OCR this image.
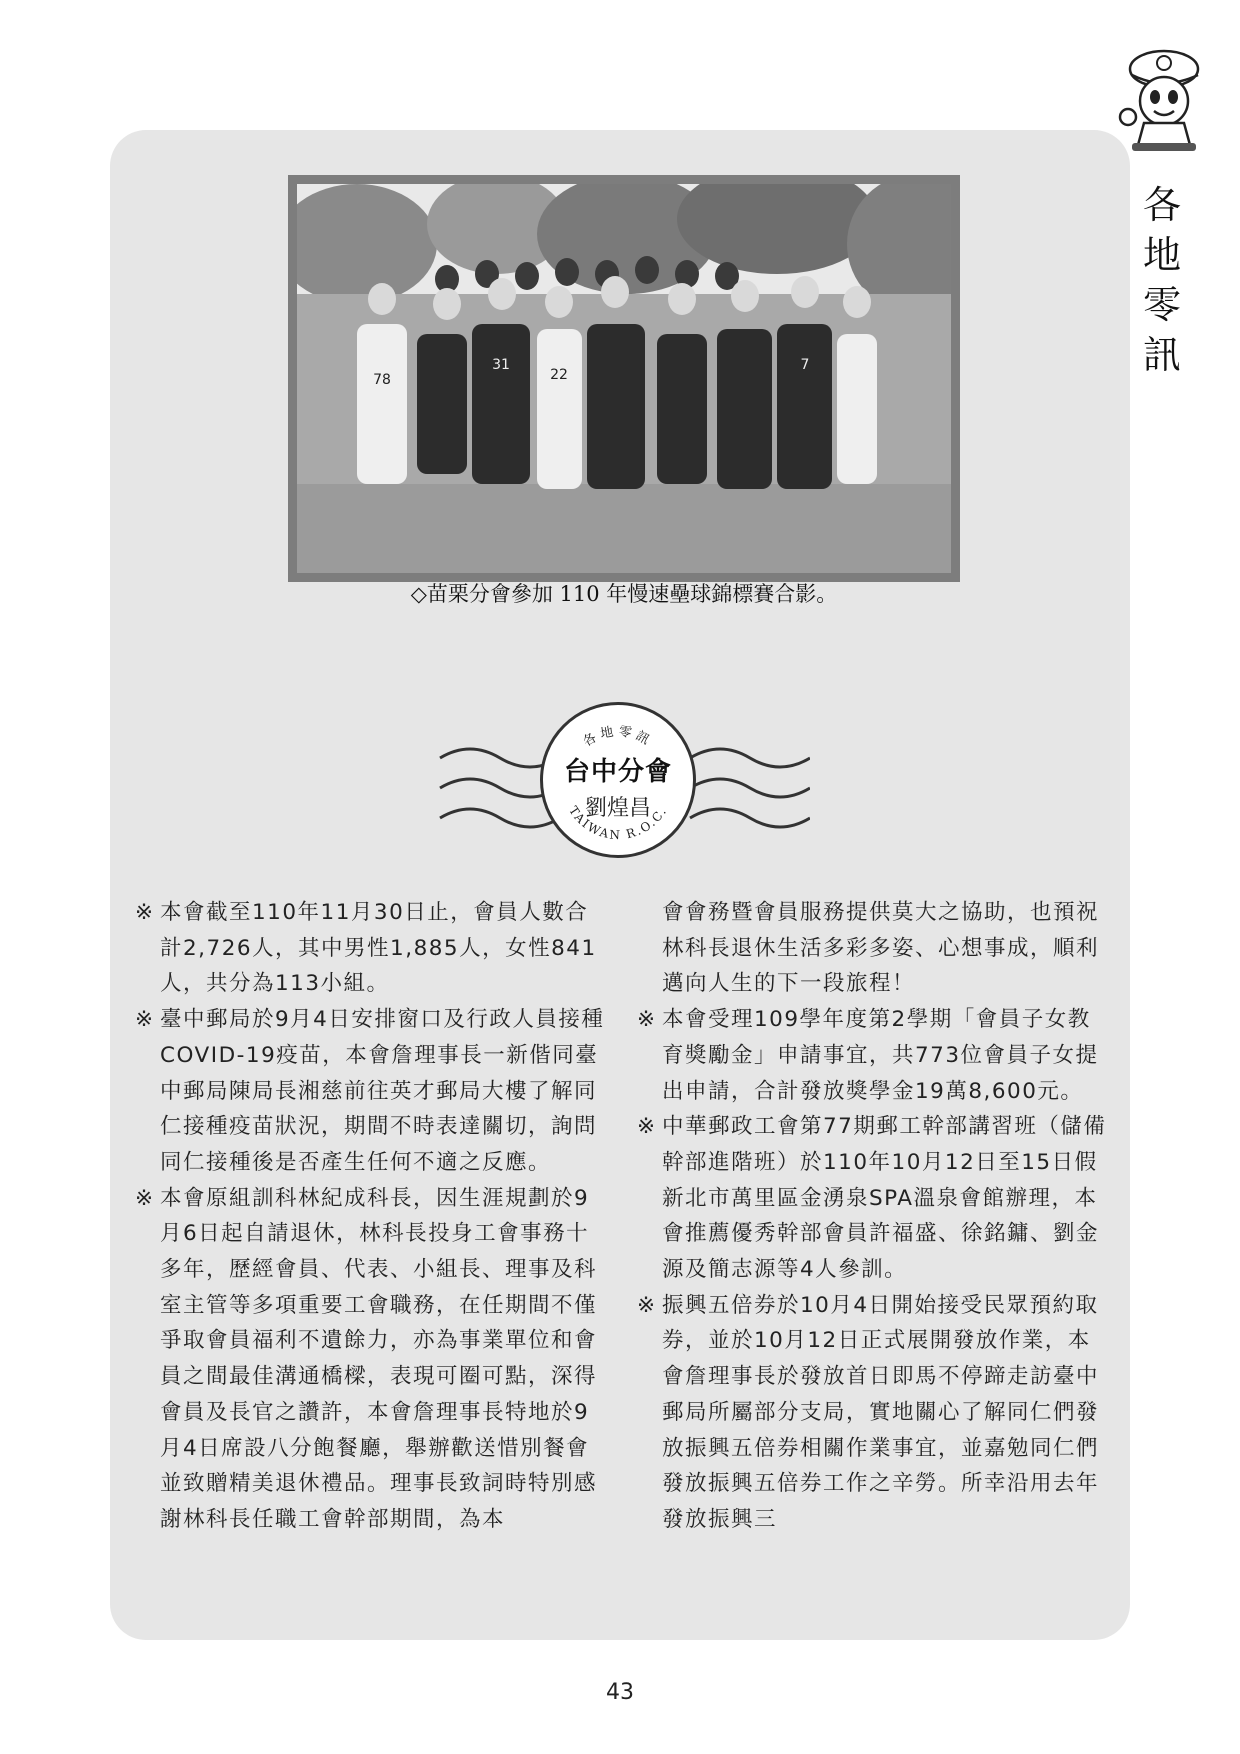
各
地
零
訊
78
31
22
7
◇苗栗分會參加 110 年慢速壘球錦標賽合影。
各地零訊
TAIWAN R.O.C.
台中分會
劉煌昌

※ 本會截至110年11月30日止，會員人數合計2,726人，其中男性1,885人，女性841人，共分為113小組。

※ 臺中郵局於9月4日安排窗口及行政人員接種COVID-19疫苗，本會詹理事長一新偕同臺中郵局陳局長湘慈前往英才郵局大樓了解同仁接種疫苗狀況，期間不時表達關切，詢問同仁接種後是否產生任何不適之反應。

※ 本會原組訓科林紀成科長，因生涯規劃於9月6日起自請退休，林科長投身工會事務十多年，歷經會員、代表、小組長、理事及科室主管等多項重要工會職務，在任期間不僅爭取會員福利不遺餘力，亦為事業單位和會員之間最佳溝通橋樑，表現可圈可點，深得會員及長官之讚許，本會詹理事長特地於9月4日席設八分飽餐廳，舉辦歡送惜別餐會並致贈精美退休禮品。理事長致詞時特別感謝林科長任職工會幹部期間，為本

會會務暨會員服務提供莫大之協助，也預祝林科長退休生活多彩多姿、心想事成，順利邁向人生的下一段旅程！

※ 本會受理109學年度第2學期「會員子女教育獎勵金」申請事宜，共773位會員子女提出申請，合計發放獎學金19萬8,600元。

※ 中華郵政工會第77期郵工幹部講習班（儲備幹部進階班）於110年10月12日至15日假新北市萬里區金湧泉SPA溫泉會館辦理，本會推薦優秀幹部會員許福盛、徐銘鏞、劉金源及簡志源等4人參訓。

※ 振興五倍券於10月4日開始接受民眾預約取券，並於10月12日正式展開發放作業，本會詹理事長於發放首日即馬不停蹄走訪臺中郵局所屬部分支局，實地關心了解同仁們發放振興五倍券相關作業事宜，並嘉勉同仁們發放振興五倍券工作之辛勞。所幸沿用去年發放振興三

43
